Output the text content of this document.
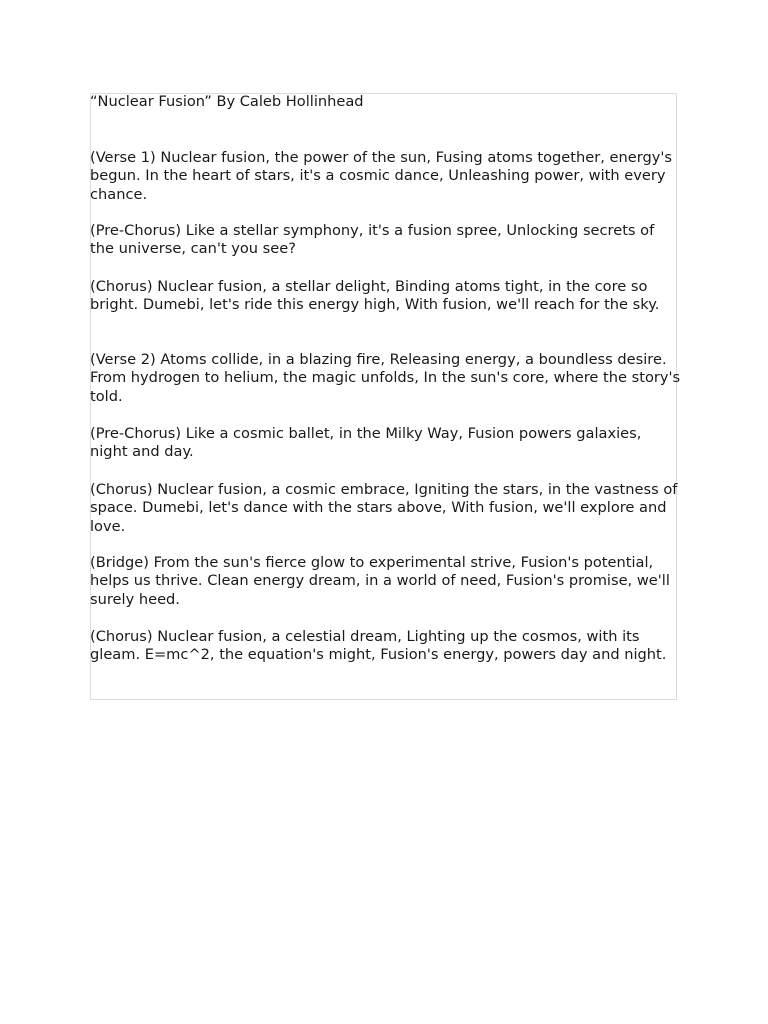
“Nuclear Fusion” By Caleb Hollinhead

(Verse 1) Nuclear fusion, the power of the sun, Fusing atoms together, energy's begun. In the heart of stars, it's a cosmic dance, Unleashing power, with every chance.

(Pre-Chorus) Like a stellar symphony, it's a fusion spree, Unlocking secrets of the universe, can't you see?

(Chorus) Nuclear fusion, a stellar delight, Binding atoms tight, in the core so bright. Dumebi, let's ride this energy high, With fusion, we'll reach for the sky.

(Verse 2) Atoms collide, in a blazing fire, Releasing energy, a boundless desire. From hydrogen to helium, the magic unfolds, In the sun's core, where the story's told.

(Pre-Chorus) Like a cosmic ballet, in the Milky Way, Fusion powers galaxies, night and day.

(Chorus) Nuclear fusion, a cosmic embrace, Igniting the stars, in the vastness of space. Dumebi, let's dance with the stars above, With fusion, we'll explore and love.

(Bridge) From the sun's fierce glow to experimental strive, Fusion's potential, helps us thrive. Clean energy dream, in a world of need, Fusion's promise, we'll surely heed.

(Chorus) Nuclear fusion, a celestial dream, Lighting up the cosmos, with its gleam. E=mc^2, the equation's might, Fusion's energy, powers day and night.
